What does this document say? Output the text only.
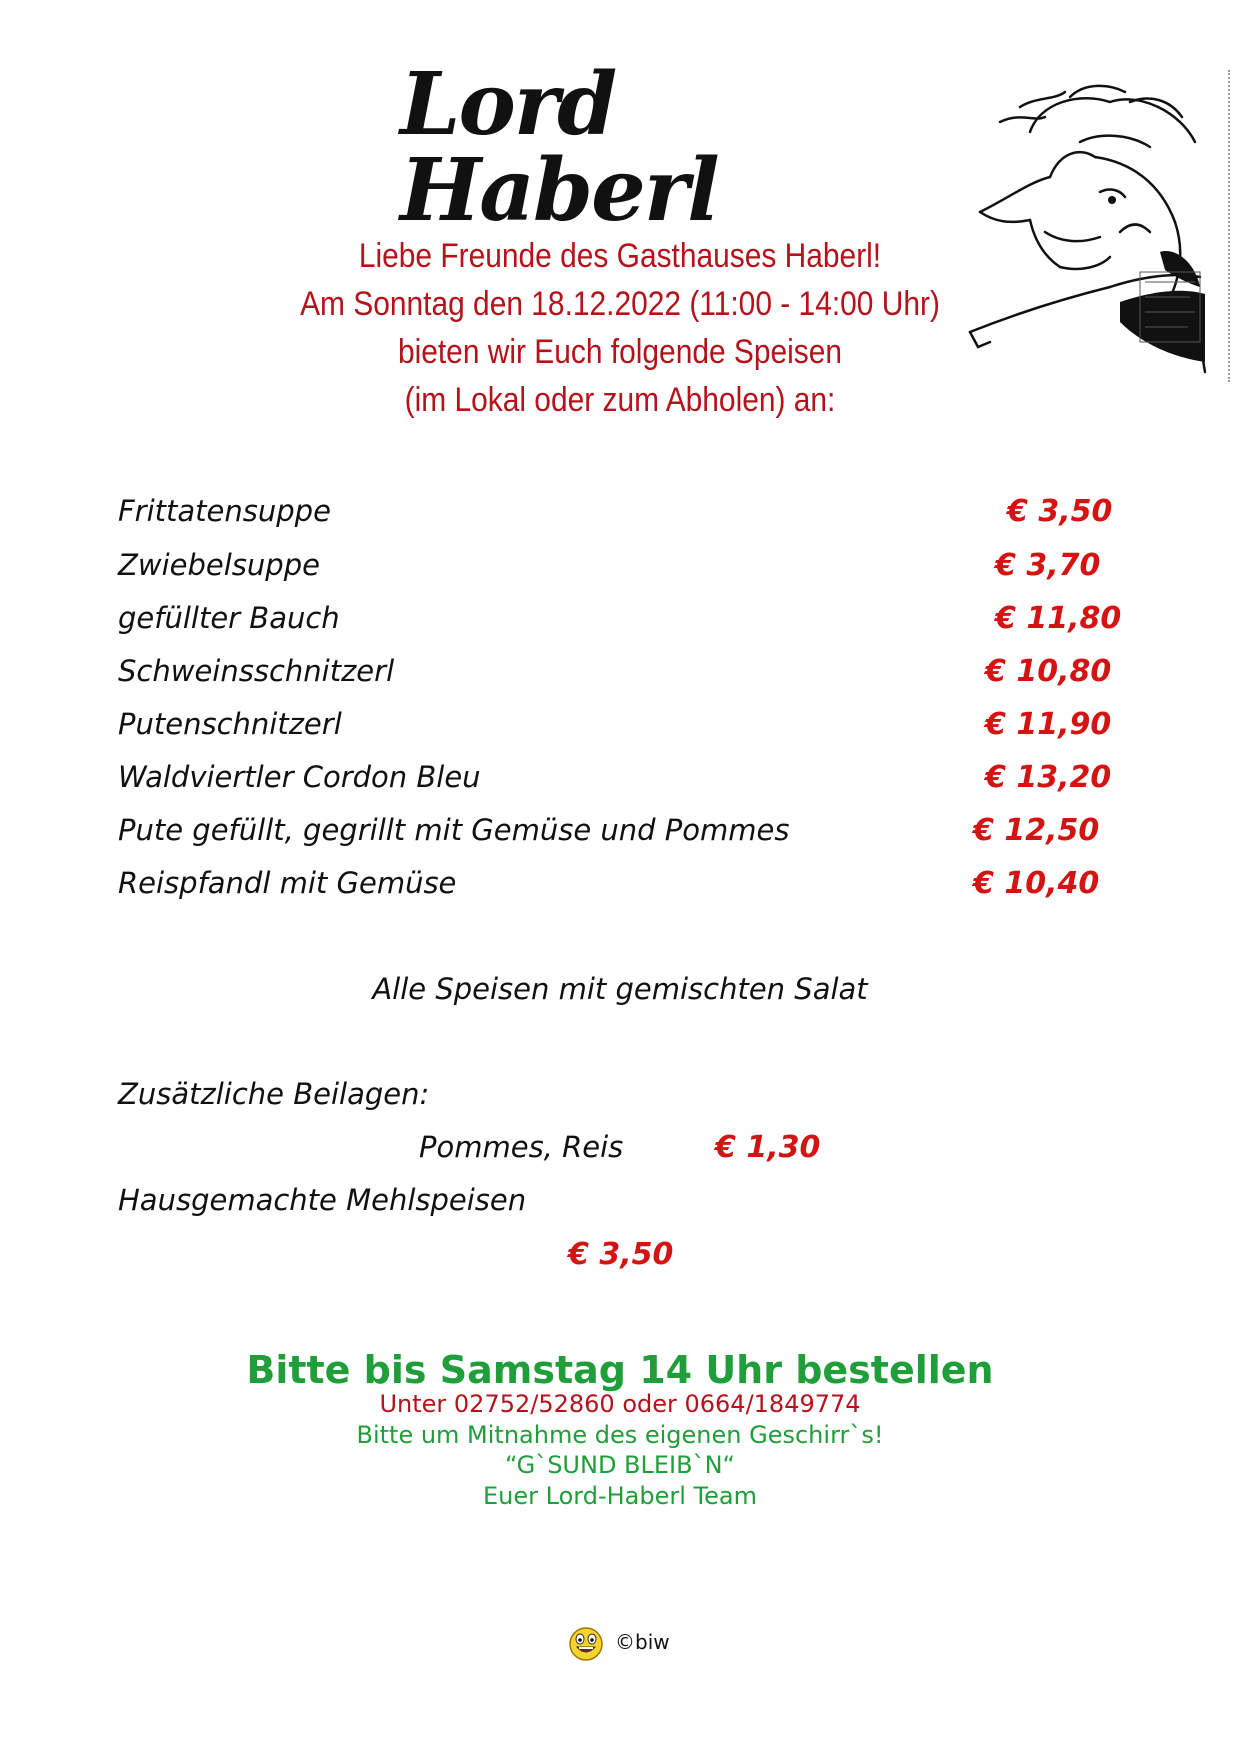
Lord Haberl
Liebe Freunde des Gasthauses Haberl!
Am Sonntag den 18.12.2022 (11:00 - 14:00 Uhr)
bieten wir Euch folgende Speisen
(im Lokal oder zum Abholen) an:
Frittatensuppe	€ 3,50
Zwiebelsuppe	€ 3,70
gefüllter Bauch	€ 11,80
Schweinsschnitzerl	€ 10,80
Putenschnitzerl	€ 11,90
Waldviertler Cordon Bleu	€ 13,20
Pute gefüllt, gegrillt mit Gemüse und Pommes	€ 12,50
Reispfandl mit Gemüse	€ 10,40
Alle Speisen mit gemischten Salat
Zusätzliche Beilagen:
Pommes, Reis	€ 1,30
Hausgemachte Mehlspeisen
€ 3,50
Bitte bis Samstag 14 Uhr bestellen
Unter 02752/52860 oder 0664/1849774
Bitte um Mitnahme des eigenen Geschirr`s!
“G`SUND BLEIB`N“
Euer Lord-Haberl Team
©biw
